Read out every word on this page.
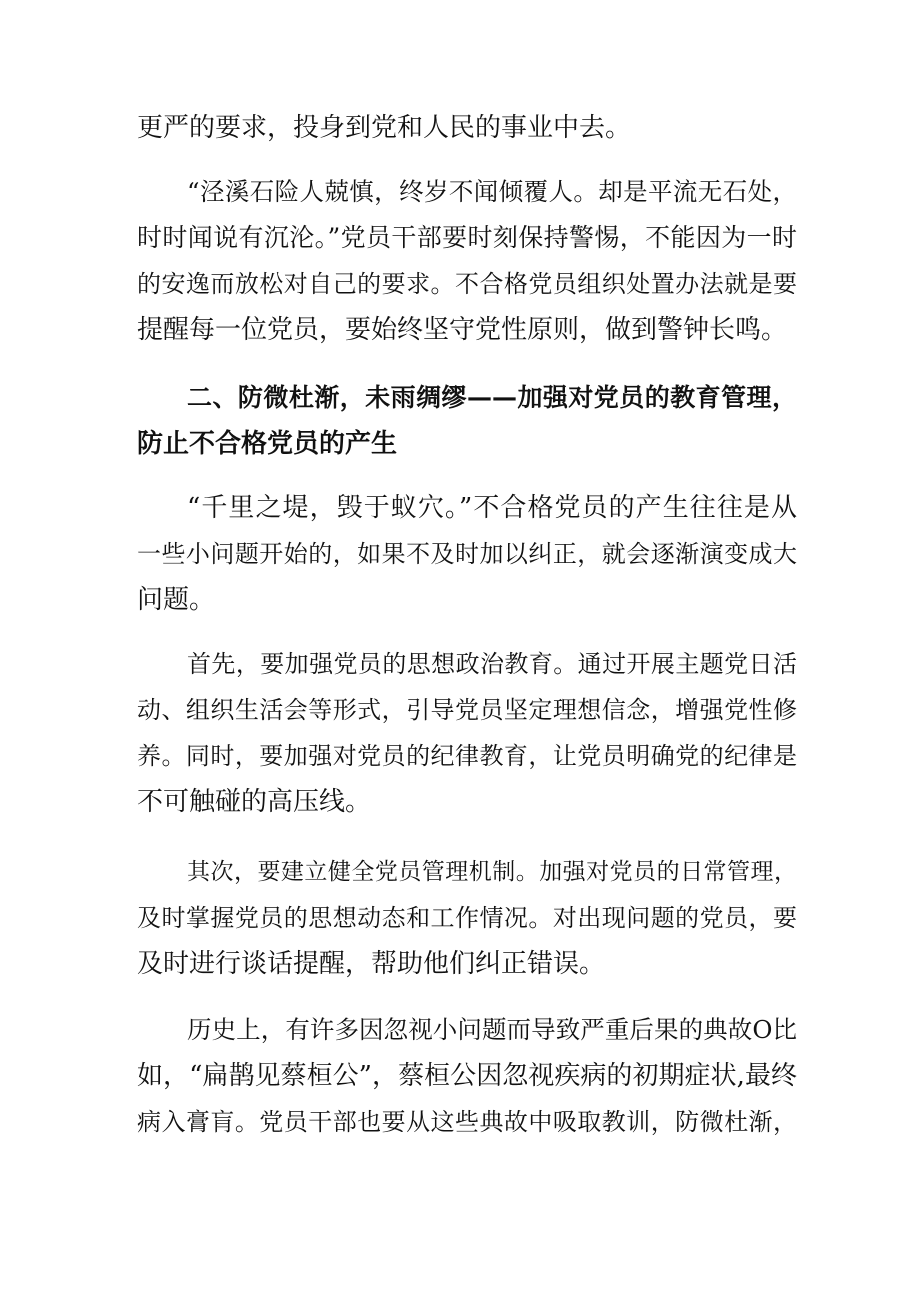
更严的要求，投身到党和人民的事业中去。
“泾溪石险人兢慎，终岁不闻倾覆人。却是平流无石处，
时时闻说有沉沦。”党员干部要时刻保持警惕，不能因为一时
的安逸而放松对自己的要求。不合格党员组织处置办法就是要
提醒每一位党员，要始终坚守党性原则，做到警钟长鸣。
二、防微杜渐，未雨绸缪——加强对党员的教育管理，
防止不合格党员的产生
“千里之堤，毁于蚁穴。”不合格党员的产生往往是从
一些小问题开始的，如果不及时加以纠正，就会逐渐演变成大
问题。
首先，要加强党员的思想政治教育。通过开展主题党日活
动、组织生活会等形式，引导党员坚定理想信念，增强党性修
养。同时，要加强对党员的纪律教育，让党员明确党的纪律是
不可触碰的高压线。
其次，要建立健全党员管理机制。加强对党员的日常管理，
及时掌握党员的思想动态和工作情况。对出现问题的党员，要
及时进行谈话提醒，帮助他们纠正错误。
历史上，有许多因忽视小问题而导致严重后果的典故O比
如，“扁鹊见蔡桓公”，蔡桓公因忽视疾病的初期症状,最终
病入膏肓。党员干部也要从这些典故中吸取教训，防微杜渐，
